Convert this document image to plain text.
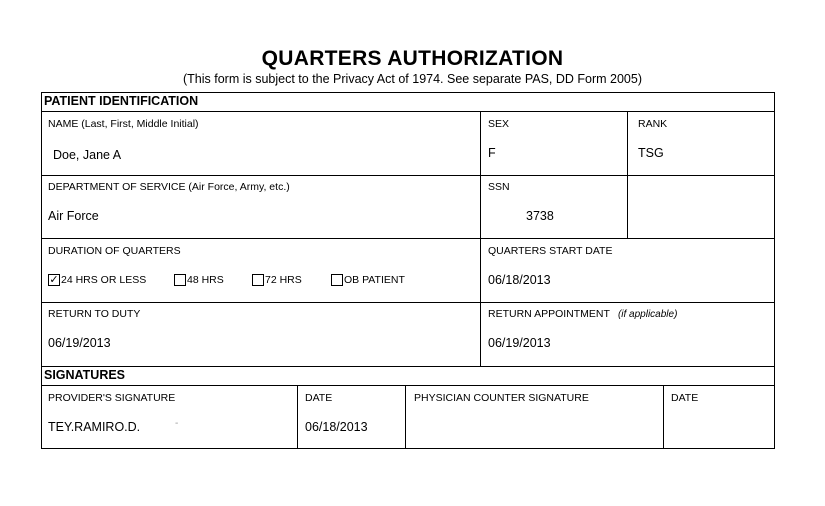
QUARTERS AUTHORIZATION
(This form is subject to the Privacy Act of 1974. See separate PAS, DD Form 2005)
PATIENT IDENTIFICATION
NAME (Last, First, Middle Initial)
Doe, Jane A
SEX
F
RANK
TSG
DEPARTMENT OF SERVICE (Air Force, Army, etc.)
Air Force
SSN
3738
DURATION OF QUARTERS
✓ 24 HRS OR LESS	48 HRS	72 HRS	OB PATIENT
QUARTERS START DATE
06/18/2013
RETURN TO DUTY
06/19/2013
RETURN APPOINTMENT (if applicable)
06/19/2013
SIGNATURES
PROVIDER'S SIGNATURE
TEY.RAMIRO.D.	-
DATE
06/18/2013
PHYSICIAN COUNTER SIGNATURE	DATE
